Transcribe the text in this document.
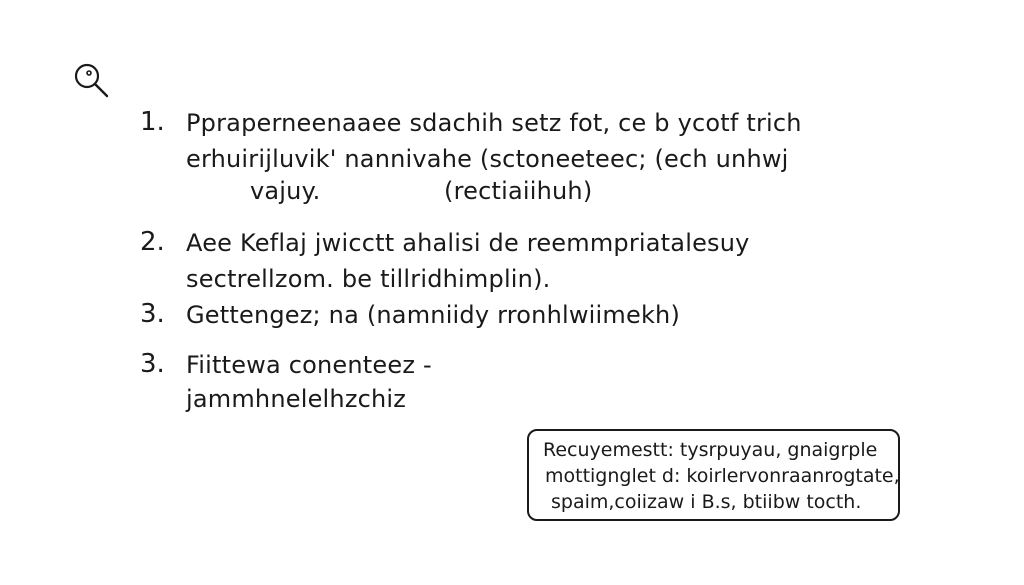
1. Ppraperneenaaee sdachih setz fot, ce b ycotf trich
erhuirijluvik' nannivahe (sctoneeteec; (ech unhwj
vajuy.	(rectiaiihuh)
2. Aee Keflaj jwicctt ahalisi de reemmpriatalesuy
sectrellzom. be tillridhimplin).
3. Gettengez; na (namniidy rronhlwiimekh)
3. Fiittewa conenteez -
jammhnelelhzchiz
Recuyemestt: tysrpuyau, gnaigrple
mottignglet d: koirlervonraanrogtate,
spaim,coiizaw i B.s, btiibw tocth.
